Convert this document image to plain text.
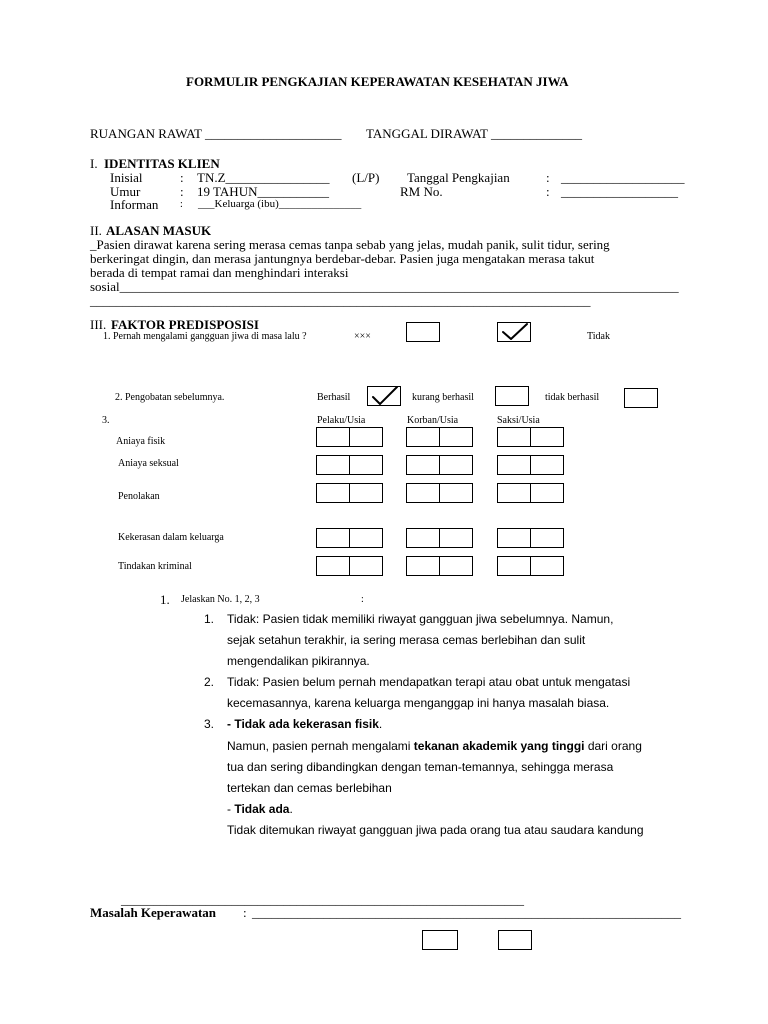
FORMULIR PENGKAJIAN KEPERAWATAN KESEHATAN JIWA
RUANGAN RAWAT _____________________ TANGGAL DIRAWAT ______________
I. IDENTITAS KLIEN
Inisial	: TN.Z________________ (L/P) Tanggal Pengkajian	: ___________________
Umur	: 19 TAHUN___________	RM No.	: __________________
Informan : ___Keluarga (ibu)_______________
II. ALASAN MASUK
_Pasien dirawat karena sering merasa cemas tanpa sebab yang jelas, mudah panik, sulit tidur, sering
berkeringat dingin, dan merasa jantungnya berdebar-debar. Pasien juga mengatakan merasa takut
berada di tempat ramai dan menghindari interaksi
sosial______________________________________________________________________________________
_____________________________________________________________________________
III. FAKTOR PREDISPOSISI
1. Pernah mengalami gangguan jiwa di masa lalu ?	×××	Tidak
2. Pengobatan sebelumnya.	Berhasil	kurang berhasil	tidak berhasil
3.	Pelaku/Usia	Korban/Usia	Saksi/Usia
Aniaya fisik
Aniaya seksual
Penolakan
Kekerasan dalam keluarga
Tindakan kriminal
1. Jelaskan No. 1, 2, 3	:
1. Tidak: Pasien tidak memiliki riwayat gangguan jiwa sebelumnya. Namun,
sejak setahun terakhir, ia sering merasa cemas berlebihan dan sulit
mengendalikan pikirannya.
2. Tidak: Pasien belum pernah mendapatkan terapi atau obat untuk mengatasi
kecemasannya, karena keluarga menganggap ini hanya masalah biasa.
3. - Tidak ada kekerasan fisik.
Namun, pasien pernah mengalami tekanan akademik yang tinggi dari orang
tua dan sering dibandingkan dengan teman-temannya, sehingga merasa
tertekan dan cemas berlebihan
- Tidak ada.
Tidak ditemukan riwayat gangguan jiwa pada orang tua atau saudara kandung
______________________________________________________________
Masalah Keperawatan : __________________________________________________________________
